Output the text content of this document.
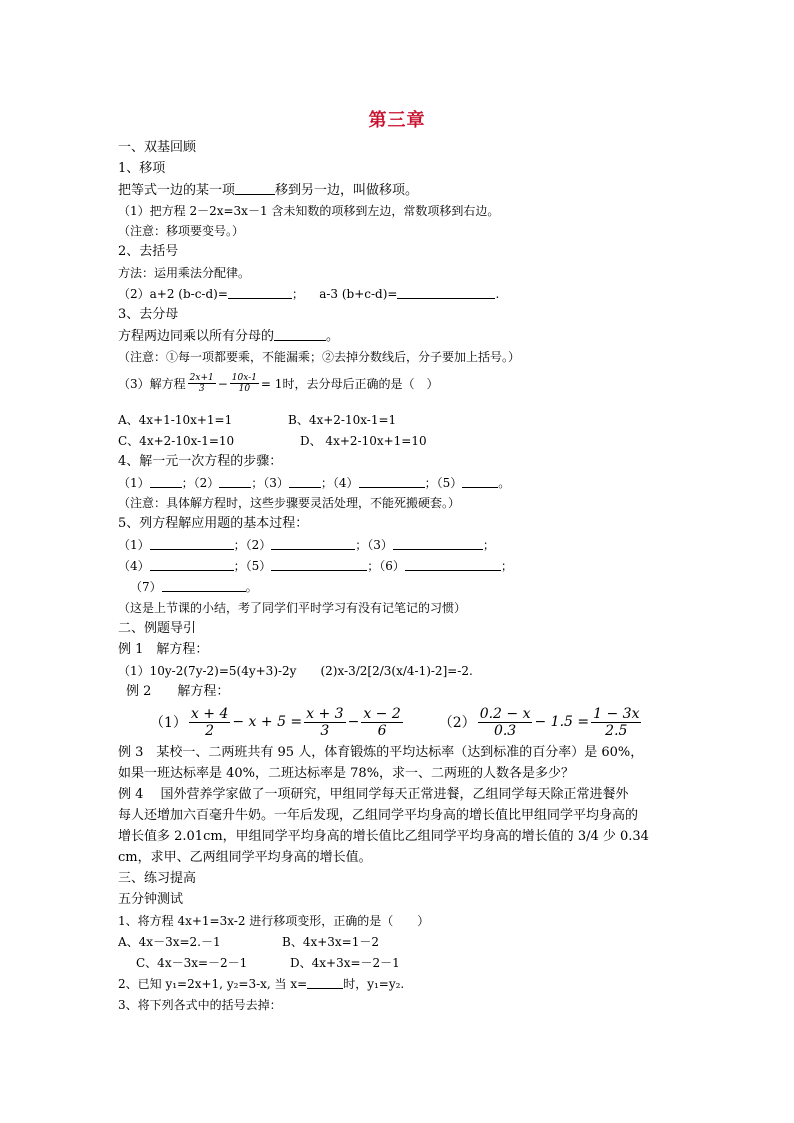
第三章
一、双基回顾
1、移项
把等式一边的某一项	移到另一边，叫做移项。
（1）把方程 2－2x=3x－1 含未知数的项移到左边，常数项移到右边。
（注意：移项要变号。）
2、去括号
方法：运用乘法分配律。
（2）a+2 (b-c-d)=	； a-3 (b+c-d)=	.
3、去分母
方程两边同乘以所有分母的	。
（注意：①每一项都要乘，不能漏乘；②去掉分数线后，分子要加上括号。）
（3）解方程 $\frac{2x+1}{3} - \frac{10x-1}{10} = 1$ 时，去分母后正确的是（　）
A、4x+1-10x+1=1	B、4x+2-10x-1=1
C、4x+2-10x-1=10	D、 4x+2-10x+1=10
4、解一元一次方程的步骤：
（1）	；（2）	；（3）	；（4）	；（5）	。
（注意：具体解方程时，这些步骤要灵活处理，不能死搬硬套。）
5、列方程解应用题的基本过程：
（1）	；（2）	；（3）	；
（4）	；（5）	；（6）	；
（7）	。
（这是上节课的小结，考了同学们平时学习有没有记笔记的习惯）
二、例题导引
例 1　解方程：
（1）10y-2(7y-2)=5(4y+3)-2y　　(2)x-3/2[2/3(x/4-1)-2]=-2.
例 2　　解方程：
$(1) \frac{x + 4}{2} - x + 5 = \frac{x + 3}{3} - \frac{x - 2}{6}$	$(2) \frac{0.2 - x}{0.3} - 1.5 = \frac{1 - 3x}{2.5}$
例 3　某校一、二两班共有 95 人，体育锻炼的平均达标率（达到标准的百分率）是 60%，
如果一班达标率是 40%，二班达标率是 78%，求一、二两班的人数各是多少？
例 4　 国外营养学家做了一项研究，甲组同学每天正常进餐，乙组同学每天除正常进餐外
每人还增加六百毫升牛奶。一年后发现，乙组同学平均身高的增长值比甲组同学平均身高的
增长值多 2.01cm，甲组同学平均身高的增长值比乙组同学平均身高的增长值的 3/4 少 0.34
cm，求甲、乙两组同学平均身高的增长值。
三、练习提高
五分钟测试
1、将方程 4x+1=3x-2 进行移项变形，正确的是（　　）
A、4x－3x=2.－1	B、4x+3x=1－2
C、4x－3x=－2－1	D、4x+3x=－2－1
2、已知 y₁=2x+1, y₂=3-x, 当 x=	时，y₁=y₂.
3、将下列各式中的括号去掉：
